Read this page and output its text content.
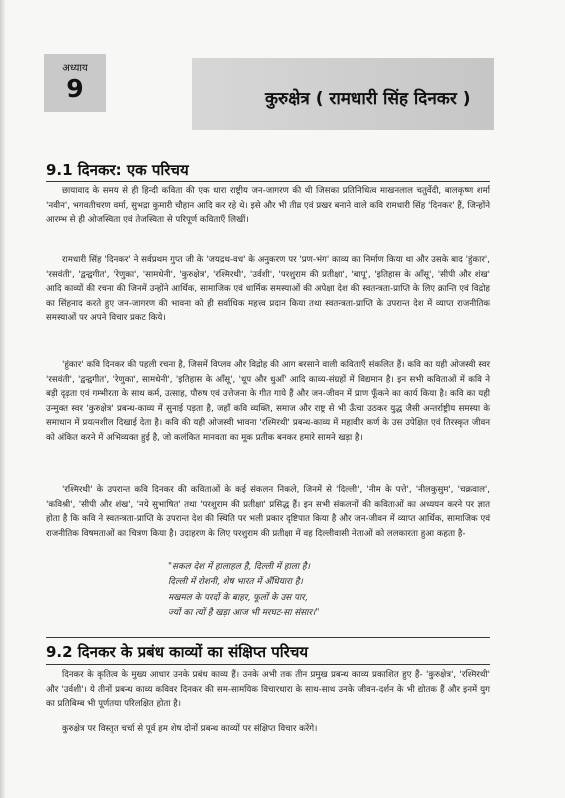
अध्याय
9	कुरुक्षेत्र ( रामधारी सिंह दिनकर )
9.1 दिनकर: एक परिचय

छायावाद के समय से ही हिन्दी कविता की एक धारा राष्ट्रीय जन-जागरण की थी जिसका प्रतिनिधित्व माखनलाल चतुर्वेदी, बालकृष्ण शर्मा 'नवीन', भगवतीचरण वर्मा, सुभद्रा कुमारी चौहान आदि कर रहे थे। इसे और भी तीव्र एवं प्रखर बनाने वाले कवि रामधारी सिंह 'दिनकर' हैं, जिन्होंने आरम्भ से ही ओजस्विता एवं तेजस्विता से परिपूर्ण कविताएँ लिखीं।

रामधारी सिंह 'दिनकर' ने सर्वप्रथम गुप्त जी के 'जयद्रथ-वध' के अनुकरण पर 'प्रण-भंग' काव्य का निर्माण किया था और उसके बाद 'हुंकार', 'रसवंती', 'द्वन्द्वगीत', 'रेणुका', 'सामधेनी', 'कुरुक्षेत्र', 'रश्मिरथी', 'उर्वशी', 'परशुराम की प्रतीक्षा', 'बापू', 'इतिहास के आँसू', 'सीपी और शंख' आदि काव्यों की रचना की जिनमें उन्होंने आर्थिक, सामाजिक एवं धार्मिक समस्याओं की अपेक्षा देश की स्वतन्त्रता-प्राप्ति के लिए क्रान्ति एवं विद्रोह का सिंहनाद करते हुए जन-जागरण की भावना को ही सर्वाधिक महत्त्व प्रदान किया तथा स्वतन्त्रता-प्राप्ति के उपरान्त देश में व्याप्त राजनीतिक समस्याओं पर अपने विचार प्रकट किये।

'हुंकार' कवि दिनकर की पहली रचना है, जिसमें विप्लव और विद्रोह की आग बरसाने वाली कविताएँ संकलित हैं। कवि का यही ओजस्वी स्वर 'रसवंती', 'द्वन्द्वगीत', 'रेणुका', सामधेनी', 'इतिहास के आँसू', 'धूप और धुआँ' आदि काव्य-संग्रहों में विद्यमान है। इन सभी कविताओं में कवि ने बड़ी दृढ़ता एवं गम्भीरता के साथ कर्म, उत्साह, पौरुष एवं उत्तेजना के गीत गाये हैं और जन-जीवन में प्राण फूँकने का कार्य किया है। कवि का यही उन्मुक्त स्वर 'कुरुक्षेत्र' प्रबन्ध-काव्य में सुनाई पड़ता है, जहाँ कवि व्यक्ति, समाज और राष्ट्र से भी ऊँचा उठकर युद्ध जैसी अन्तर्राष्ट्रीय समस्या के समाधान में प्रयत्नशील दिखाई देता है। कवि की यही ओजस्वी भावना 'रश्मिरथी' प्रबन्ध-काव्य में महावीर कर्ण के उस उपेक्षित एवं तिरस्कृत जीवन को अंकित करने में अभिव्यक्त हुई है, जो कलंकित मानवता का मूक प्रतीक बनकर हमारे सामने खड़ा है।

'रश्मिरथी' के उपरान्त कवि दिनकर की कविताओं के कई संकलन निकले, जिनमें से 'दिल्ली', 'नीम के पत्ते', 'नीलकुसुम', 'चक्रवाल', 'कविश्री', 'सीपी और शंख', 'नये सुभाषित' तथा 'परशुराम की प्रतीक्षा' प्रसिद्ध हैं। इन सभी संकलनों की कविताओं का अध्ययन करने पर ज्ञात होता है कि कवि ने स्वतन्त्रता-प्राप्ति के उपरान्त देश की स्थिति पर भली प्रकार दृष्टिपात किया है और जन-जीवन में व्याप्त आर्थिक, सामाजिक एवं राजनीतिक विषमताओं का चित्रण किया है। उदाहरण के लिए परशुराम की प्रतीक्षा में वह दिल्लीवासी नेताओं को ललकारता हुआ कहता है-

"सकल देश में हालाहल है, दिल्ली में हाला है।
दिल्ली में रोशनी, शेष भारत में अँधियारा है।
मखमल के परदों के बाहर, फूलों के उस पार,
ज्यों का त्यों है खड़ा आज भी मरघट-सा संसार।"
9.2 दिनकर के प्रबंध काव्यों का संक्षिप्त परिचय

दिनकर के कृतित्व के मुख्य आधार उनके प्रबंध काव्य हैं। उनके अभी तक तीन प्रमुख प्रबन्ध काव्य प्रकाशित हुए हैं- 'कुरुक्षेत्र', 'रश्मिरथी' और 'उर्वशी'। ये तीनों प्रबन्ध काव्य कविवर दिनकर की सम-सामयिक विचारधारा के साथ-साथ उनके जीवन-दर्शन के भी द्योतक हैं और इनमें युग का प्रतिबिम्ब भी पूर्णतया परिलक्षित होता है।

कुरुक्षेत्र पर विस्तृत चर्चा से पूर्व हम शेष दोनों प्रबन्ध काव्यों पर संक्षिप्त विचार करेंगे।
